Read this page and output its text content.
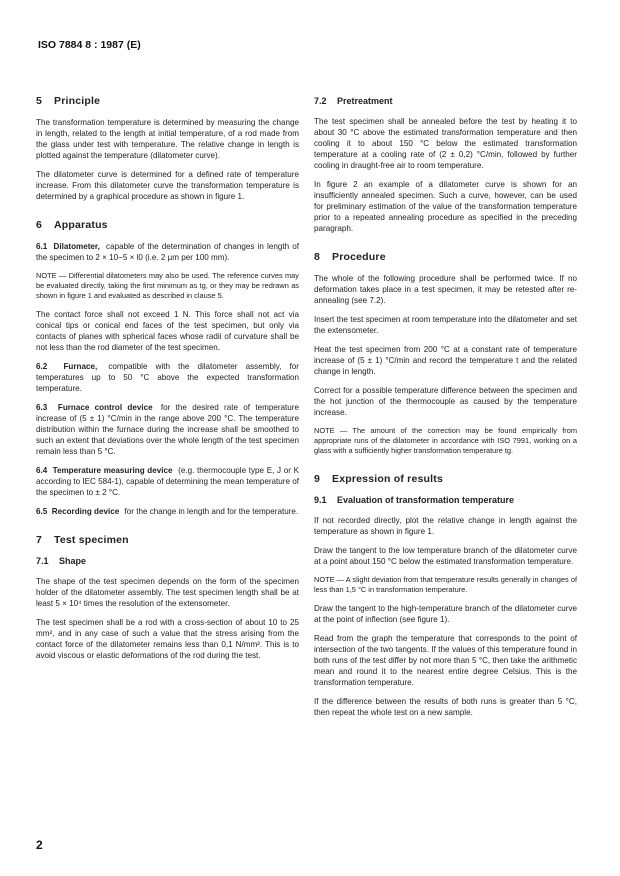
ISO 7884 8 : 1987 (E)
5 Principle

The transformation temperature is determined by measuring the change in length, related to the length at initial temperature, of a rod made from the glass under test with temperature. The relative change in length is plotted against the temperature (dilatometer curve).

The dilatometer curve is determined for a defined rate of temperature increase. From this dilatometer curve the transformation temperature is determined by a graphical procedure as shown in figure 1.

6 Apparatus

6.1 Dilatometer, capable of the determination of changes in length of the specimen to 2 × 10−5 × l0 (i.e. 2 µm per 100 mm).

NOTE — Differential dilatometers may also be used. The reference curves may be evaluated directly, taking the first minimum as tg, or they may be redrawn as shown in figure 1 and evaluated as described in clause 5.

The contact force shall not exceed 1 N. This force shall not act via conical tips or conical end faces of the test specimen, but only via contacts of planes with spherical faces whose radii of curvature shall be not less than the rod diameter of the test specimen.

6.2 Furnace, compatible with the dilatometer assembly, for temperatures up to 50 °C above the expected transformation temperature.

6.3 Furnace control device for the desired rate of temperature increase of (5 ± 1) °C/min in the range above 200 °C. The temperature distribution within the furnace during the increase shall be smoothed to such an extent that deviations over the whole length of the test specimen remain less than 5 °C.

6.4 Temperature measuring device (e.g. thermocouple type E, J or K according to IEC 584-1), capable of determining the mean temperature of the specimen to ± 2 °C.

6.5 Recording device for the change in length and for the temperature.

7 Test specimen
7.1 Shape

The shape of the test specimen depends on the form of the specimen holder of the dilatometer assembly. The test specimen length shall be at least 5 × 10⁴ times the resolution of the extensometer.

The test specimen shall be a rod with a cross-section of about 10 to 25 mm², and in any case of such a value that the stress arising from the contact force of the dilatometer remains less than 0,1 N/mm². This is to avoid viscous or elastic deformations of the rod during the test.

7.2 Pretreatment

The test specimen shall be annealed before the test by heating it to about 30 °C above the estimated transformation temperature and then cooling it to about 150 °C below the estimated transformation temperature at a cooling rate of (2 ± 0,2) °C/min, followed by further cooling in draught-free air to room temperature.

In figure 2 an example of a dilatometer curve is shown for an insufficiently annealed specimen. Such a curve, however, can be used for preliminary estimation of the value of the transformation temperature prior to a repeated annealing procedure as specified in the preceding paragraph.

8 Procedure

The whole of the following procedure shall be performed twice. If no deformation takes place in a test specimen, it may be retested after re-annealing (see 7.2).

Insert the test specimen at room temperature into the dilatometer and set the extensometer.

Heat the test specimen from 200 °C at a constant rate of temperature increase of (5 ± 1) °C/min and record the temperature t and the related change in length.

Correct for a possible temperature difference between the specimen and the hot junction of the thermocouple as caused by the temperature increase.

NOTE — The amount of the correction may be found empirically from appropriate runs of the dilatometer in accordance with ISO 7991, working on a glass with a sufficiently higher transformation temperature tg.

9 Expression of results
9.1 Evaluation of transformation temperature

If not recorded directly, plot the relative change in length against the temperature as shown in figure 1.

Draw the tangent to the low temperature branch of the dilatometer curve at a point about 150 °C below the estimated transformation temperature.

NOTE — A slight deviation from that temperature results generally in changes of less than 1,5 °C in transformation temperature.

Draw the tangent to the high-temperature branch of the dilatometer curve at the point of inflection (see figure 1).

Read from the graph the temperature that corresponds to the point of intersection of the two tangents. If the values of this temperature found in both runs of the test differ by not more than 5 °C, then take the arithmetic mean and round it to the nearest entire degree Celsius. This is the transformation temperature.

If the difference between the results of both runs is greater than 5 °C, then repeat the whole test on a new sample.

2
